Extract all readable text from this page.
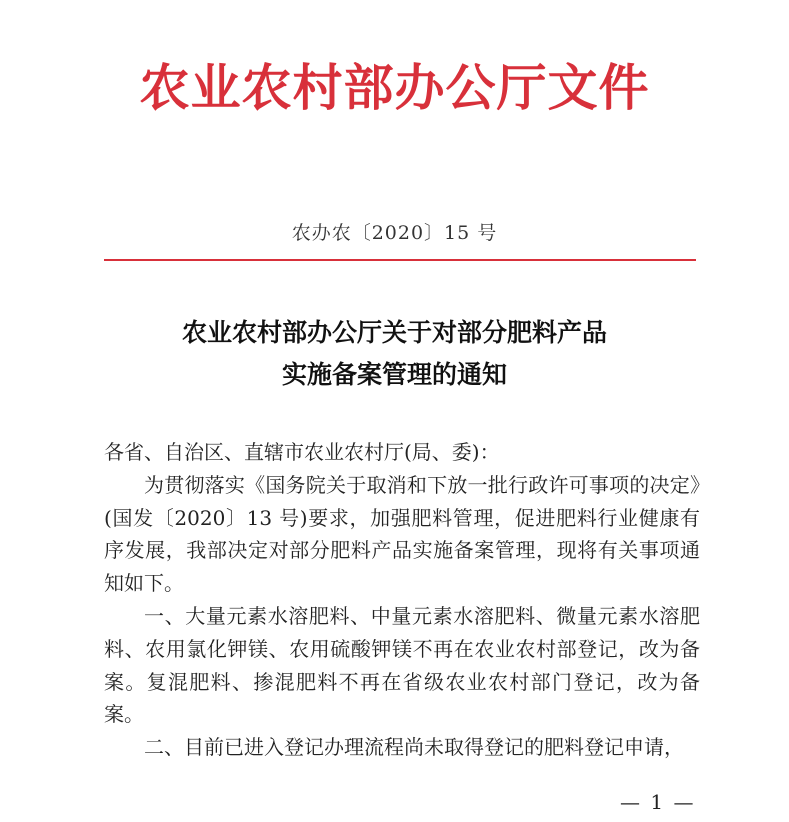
农业农村部办公厅文件
农办农〔2020〕15 号
农业农村部办公厅关于对部分肥料产品
实施备案管理的通知

各省、自治区、直辖市农业农村厅(局、委)：

为贯彻落实《国务院关于取消和下放一批行政许可事项的决定》(国发〔2020〕13 号)要求，加强肥料管理，促进肥料行业健康有序发展，我部决定对部分肥料产品实施备案管理，现将有关事项通知如下。

一、大量元素水溶肥料、中量元素水溶肥料、微量元素水溶肥料、农用氯化钾镁、农用硫酸钾镁不再在农业农村部登记，改为备案。复混肥料、掺混肥料不再在省级农业农村部门登记，改为备案。

二、目前已进入登记办理流程尚未取得登记的肥料登记申请，

— 1 —
